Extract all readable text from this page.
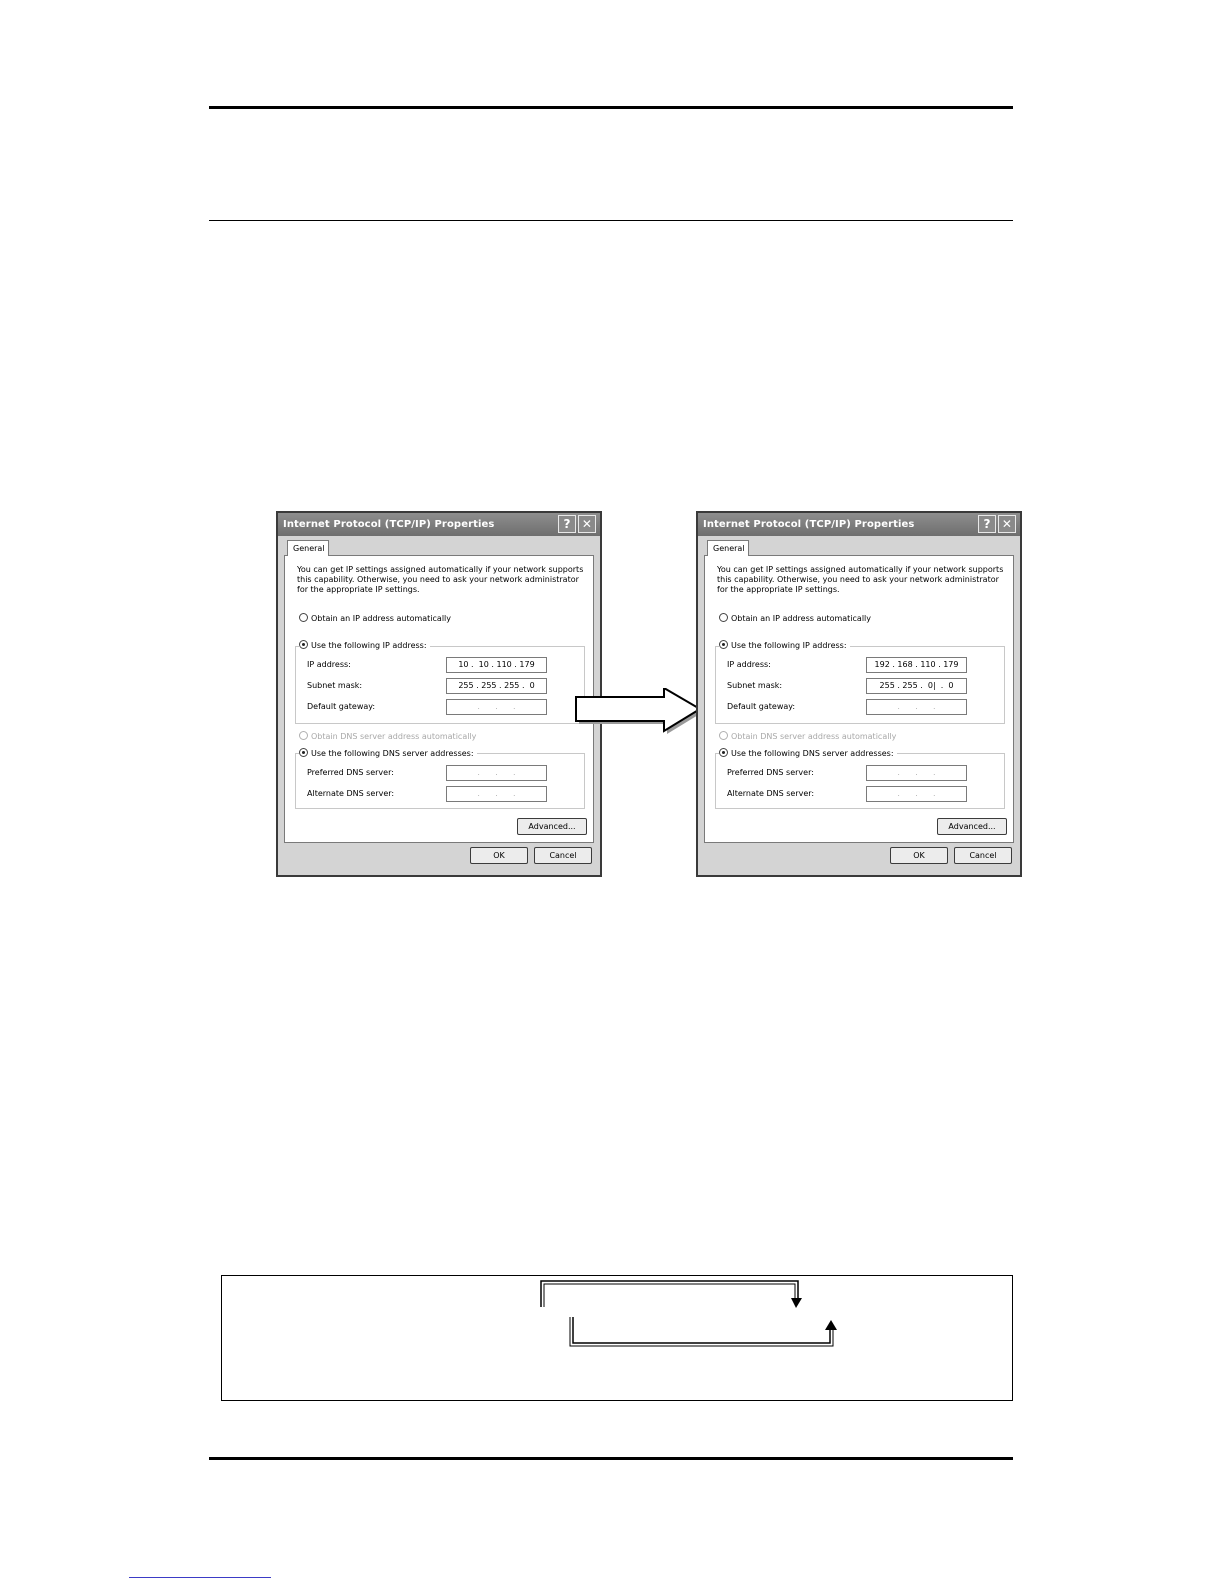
Internet Protocol (TCP/IP) Properties	? ✕
General
You can get IP settings assigned automatically if your network supports this capability. Otherwise, you need to ask your network administrator for the appropriate IP settings.
Obtain an IP address automatically
Use the following IP address:
IP address:	10 .  10 . 110 . 179
Subnet mask:	255 . 255 . 255 .  0
Default gateway:	.      .      .
Obtain DNS server address automatically
Use the following DNS server addresses:
Preferred DNS server:	.      .      .
Alternate DNS server:	.      .      .
Advanced...
OK	Cancel
Internet Protocol (TCP/IP) Properties	? ✕
General
You can get IP settings assigned automatically if your network supports this capability. Otherwise, you need to ask your network administrator for the appropriate IP settings.
Obtain an IP address automatically
Use the following IP address:
IP address:	192 . 168 . 110 . 179
Subnet mask:	255 . 255 .  0|  .  0
Default gateway:	.      .      .
Obtain DNS server address automatically
Use the following DNS server addresses:
Preferred DNS server:	.      .      .
Alternate DNS server:	.      .      .
Advanced...
OK	Cancel
